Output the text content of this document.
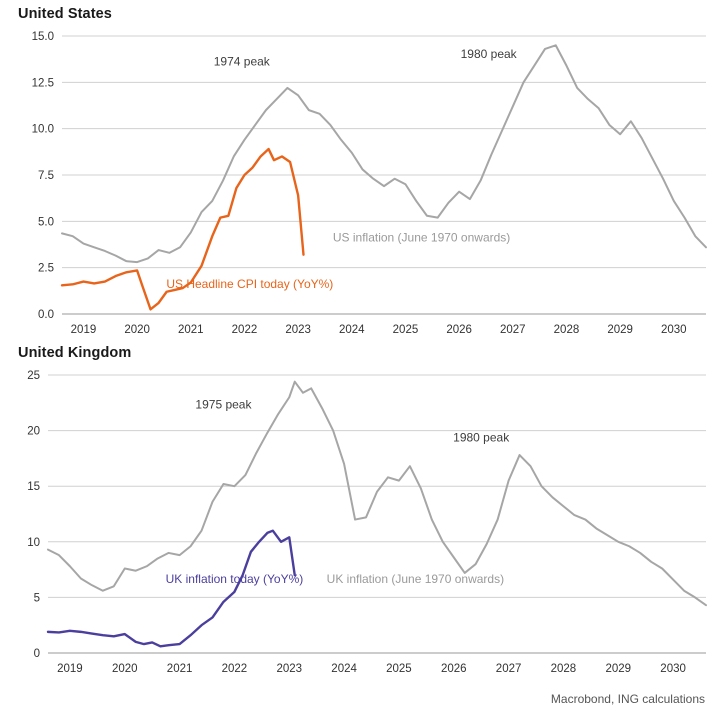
United States
0.0
2.5
5.0
7.5
10.0
12.5
15.0
2019 2020 2021 2022 2023 2024 2025 2026 2027 2028 2029 2030
1974 peak
1980 peak
US inflation (June 1970 onwards)
US Headline CPI today (YoY%)
United Kingdom
0
5
10
15
20
25
2019	2020	2021	2022	2023	2024	2025	2026	2027	2028	2029	2030
1975 peak
1980 peak
UK inflation (June 1970 onwards)
UK inflation today (YoY%)
Macrobond, ING calculations
